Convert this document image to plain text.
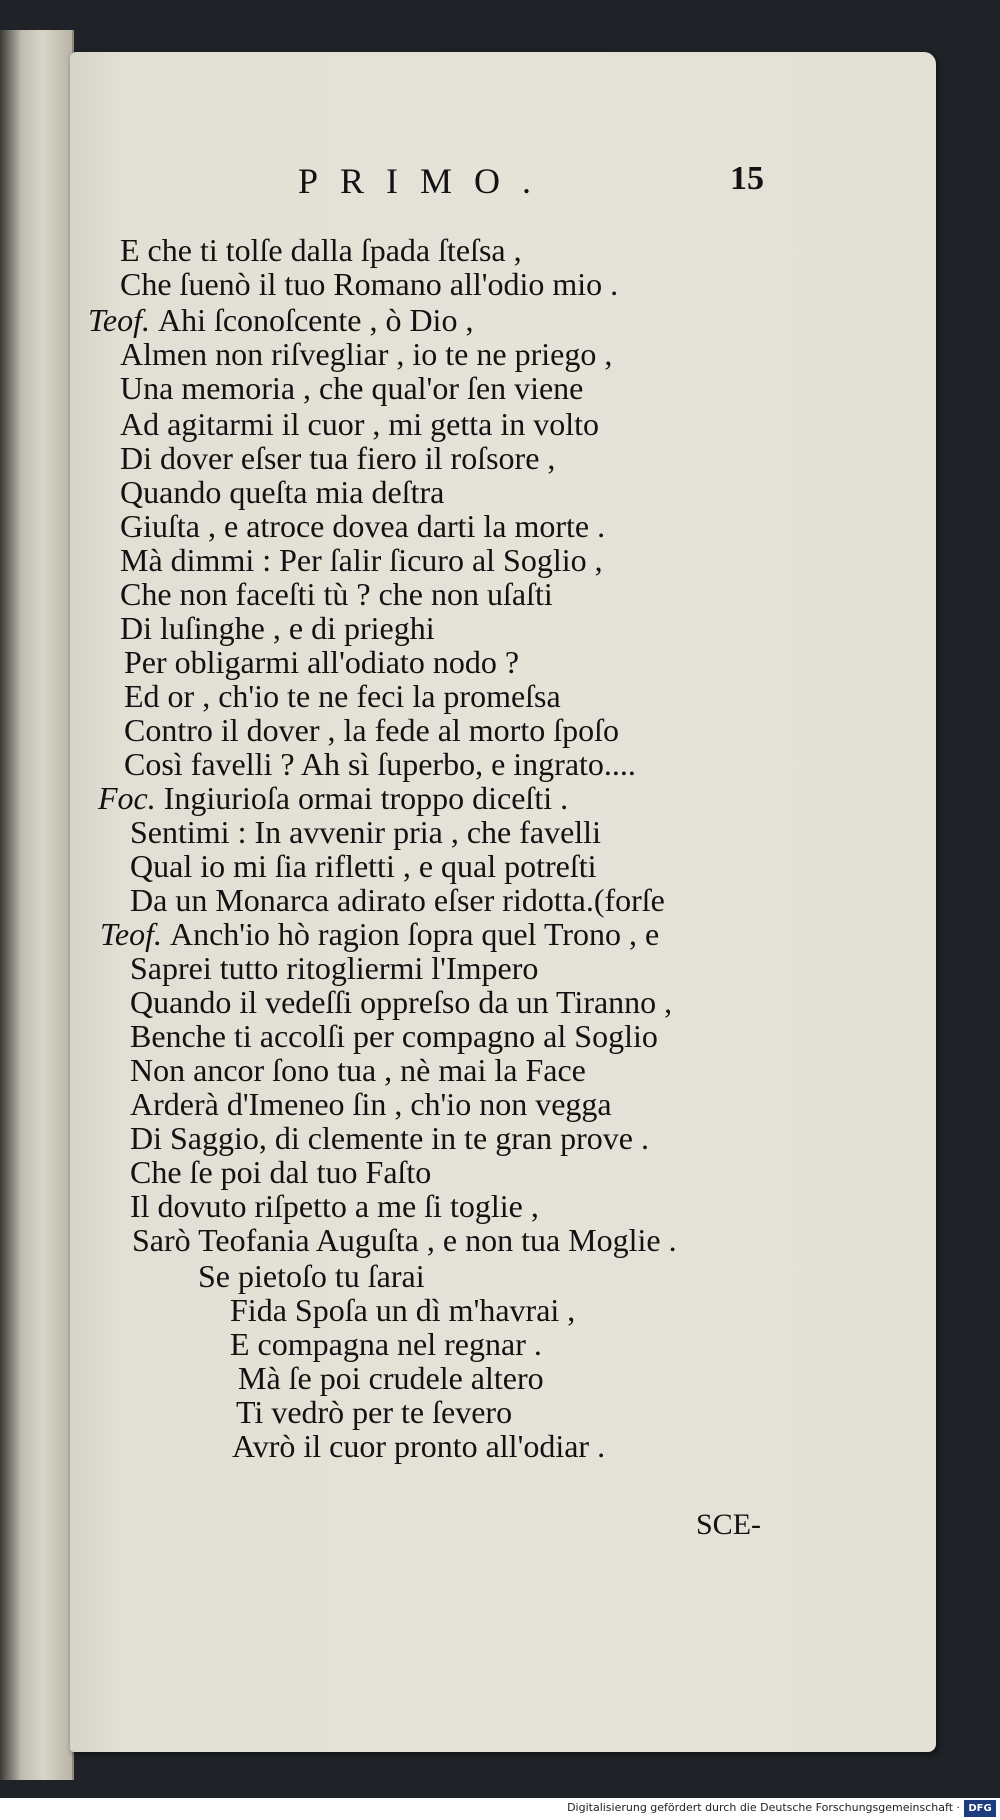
PRIMO.	15
E che ti tolſe dalla ſpada ſteſsa ,
Che ſuenò il tuo Romano all'odio mio .
Teof. Ahi ſconoſcente , ò Dio ,
Almen non riſvegliar , io te ne priego ,
Una memoria , che qual'or ſen viene
Ad agitarmi il cuor , mi getta in volto
Di dover eſser tua fiero il roſsore ,
Quando queſta mia deſtra
Giuſta , e atroce dovea darti la morte .
Mà dimmi : Per ſalir ſicuro al Soglio ,
Che non faceſti tù ? che non uſaſti
Di luſinghe , e di prieghi
Per obligarmi all'odiato nodo ?
Ed or , ch'io te ne feci la promeſsa
Contro il dover , la fede al morto ſpoſo
Così favelli ? Ah sì ſuperbo, e ingrato....
Foc. Ingiurioſa ormai troppo diceſti .
Sentimi : In avvenir pria , che favelli
Qual io mi ſia rifletti , e qual potreſti
Da un Monarca adirato eſser ridotta.(forſe
Teof. Anch'io hò ragion ſopra quel Trono , e
Saprei tutto ritogliermi l'Impero
Quando il vedeſſi oppreſso da un Tiranno ,
Benche ti accolſi per compagno al Soglio
Non ancor ſono tua , nè mai la Face
Arderà d'Imeneo ſin , ch'io non vegga
Di Saggio, di clemente in te gran prove .
Che ſe poi dal tuo Faſto
Il dovuto riſpetto a me ſi toglie ,
Sarò Teofania Auguſta , e non tua Moglie .
Se pietoſo tu ſarai
Fida Spoſa un dì m'havrai ,
E compagna nel regnar .
Mà ſe poi crudele altero
Ti vedrò per te ſevero
Avrò il cuor pronto all'odiar .
SCE-
Digitalisierung gefördert durch die Deutsche Forschungsgemeinschaft · DFG
